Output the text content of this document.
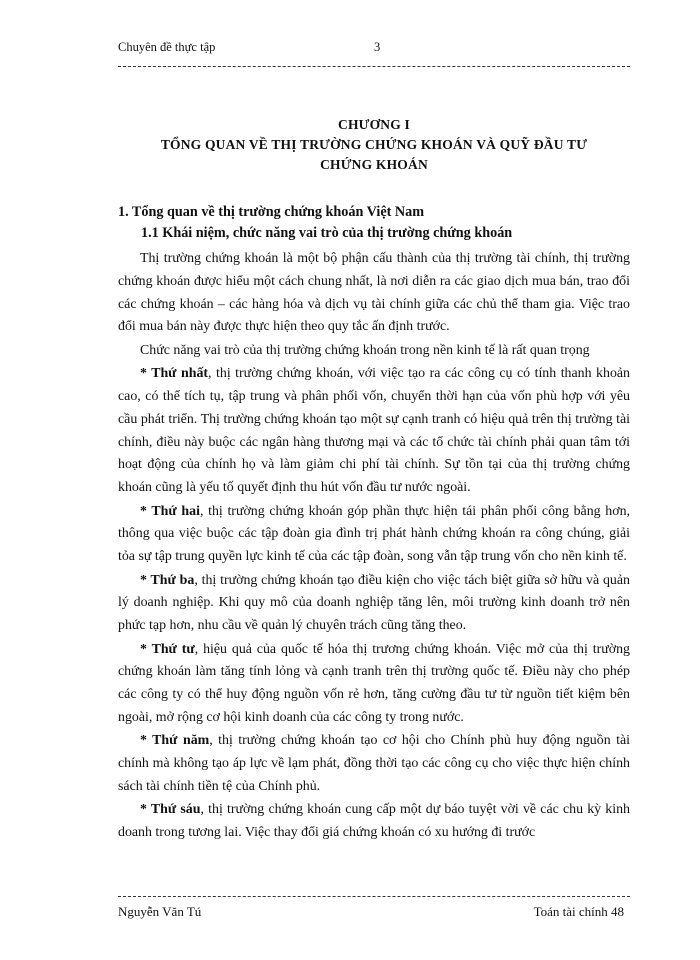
Chuyên đề thực tập	3
CHƯƠNG I
TỔNG QUAN VỀ THỊ TRƯỜNG CHỨNG KHOÁN VÀ QUỸ ĐẦU TƯ
CHỨNG KHOÁN
1. Tổng quan về thị trường chứng khoán Việt Nam
1.1 Khái niệm, chức năng vai trò của thị trường chứng khoán

Thị trường chứng khoán là một bộ phận cấu thành của thị trường tài chính, thị trường chứng khoán được hiểu một cách chung nhất, là nơi diễn ra các giao dịch mua bán, trao đổi các chứng khoán – các hàng hóa và dịch vụ tài chính giữa các chủ thể tham gia. Việc trao đổi mua bán này được thực hiện theo quy tắc ấn định trước.

Chức năng vai trò của thị trường chứng khoán trong nền kinh tế là rất quan trọng

* Thứ nhất, thị trường chứng khoán, với việc tạo ra các công cụ có tính thanh khoản cao, có thể tích tụ, tập trung và phân phối vốn, chuyển thời hạn của vốn phù hợp với yêu cầu phát triển. Thị trường chứng khoán tạo một sự cạnh tranh có hiệu quả trên thị trường tài chính, điều này buộc các ngân hàng thương mại và các tổ chức tài chính phải quan tâm tới hoạt động của chính họ và làm giảm chi phí tài chính. Sự tồn tại của thị trường chứng khoán cũng là yếu tố quyết định thu hút vốn đầu tư nước ngoài.

* Thứ hai, thị trường chứng khoán góp phần thực hiện tái phân phối công bằng hơn, thông qua việc buộc các tập đoàn gia đình trị phát hành chứng khoán ra công chúng, giải tỏa sự tập trung quyền lực kinh tế của các tập đoàn, song vẫn tập trung vốn cho nền kinh tế.

* Thứ ba, thị trường chứng khoán tạo điều kiện cho việc tách biệt giữa sở hữu và quản lý doanh nghiệp. Khi quy mô của doanh nghiệp tăng lên, môi trường kinh doanh trở nên phức tạp hơn, nhu cầu về quản lý chuyên trách cũng tăng theo.

* Thứ tư, hiệu quả của quốc tế hóa thị trương chứng khoán. Việc mở của thị trường chứng khoán làm tăng tính lỏng và cạnh tranh trên thị trường quốc tế. Điều này cho phép các công ty có thể huy động nguồn vốn rẻ hơn, tăng cường đầu tư từ nguồn tiết kiệm bên ngoài, mở rộng cơ hội kinh doanh của các công ty trong nước.

* Thứ năm, thị trường chứng khoán tạo cơ hội cho Chính phủ huy động nguồn tài chính mà không tạo áp lực về lạm phát, đồng thời tạo các công cụ cho việc thực hiện chính sách tài chính tiền tệ của Chính phủ.

* Thứ sáu, thị trường chứng khoán cung cấp một dự báo tuyệt vời về các chu kỳ kinh doanh trong tương lai. Việc thay đổi giá chứng khoán có xu hướng đi trước

Nguyễn Văn Tú	Toán tài chính 48
